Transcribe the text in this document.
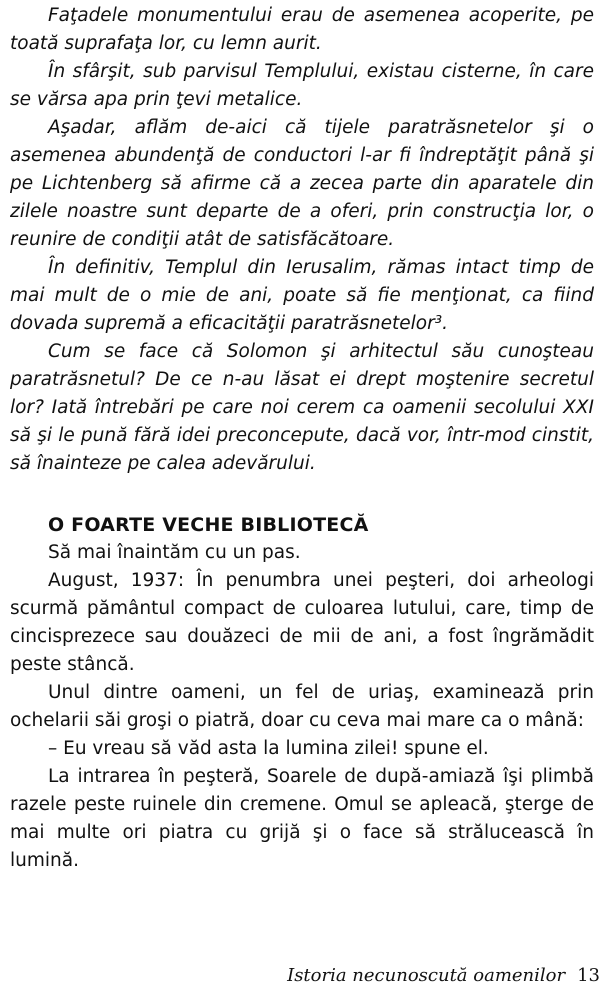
Faţadele monumentului erau de asemenea acoperite, pe toată suprafaţa lor, cu lemn aurit.

În sfârşit, sub parvisul Templului, existau cisterne, în care se vărsa apa prin ţevi metalice.

Aşadar, aflăm de-aici că tijele paratrăsnetelor şi o asemenea abundenţă de conductori l-ar fi îndreptăţit până şi pe Lichtenberg să afirme că a zecea parte din aparatele din zilele noastre sunt departe de a oferi, prin construcţia lor, o reunire de condiţii atât de satisfăcătoare.

În definitiv, Templul din Ierusalim, rămas intact timp de mai mult de o mie de ani, poate să fie menţionat, ca fiind dovada supremă a eficacităţii paratrăsnetelor³.

Cum se face că Solomon şi arhitectul său cunoşteau paratrăsnetul? De ce n-au lăsat ei drept moştenire secretul lor? Iată întrebări pe care noi cerem ca oamenii secolului XXI să şi le pună fără idei preconcepute, dacă vor, într-mod cinstit, să înainteze pe calea adevărului.

O FOARTE VECHE BIBLIOTECĂ

Să mai înaintăm cu un pas.

August, 1937: În penumbra unei peşteri, doi arheologi scurmă pământul compact de culoarea lutului, care, timp de cincisprezece sau douăzeci de mii de ani, a fost îngrămădit peste stâncă.

Unul dintre oameni, un fel de uriaş, examinează prin ochelarii săi groşi o piatră, doar cu ceva mai mare ca o mână:

– Eu vreau să văd asta la lumina zilei! spune el.

La intrarea în peşteră, Soarele de după-amiază îşi plimbă razele peste ruinele din cremene. Omul se apleacă, şterge de mai multe ori piatra cu grijă şi o face să strălucească în lumină.

Istoria necunoscută oamenilor 13
